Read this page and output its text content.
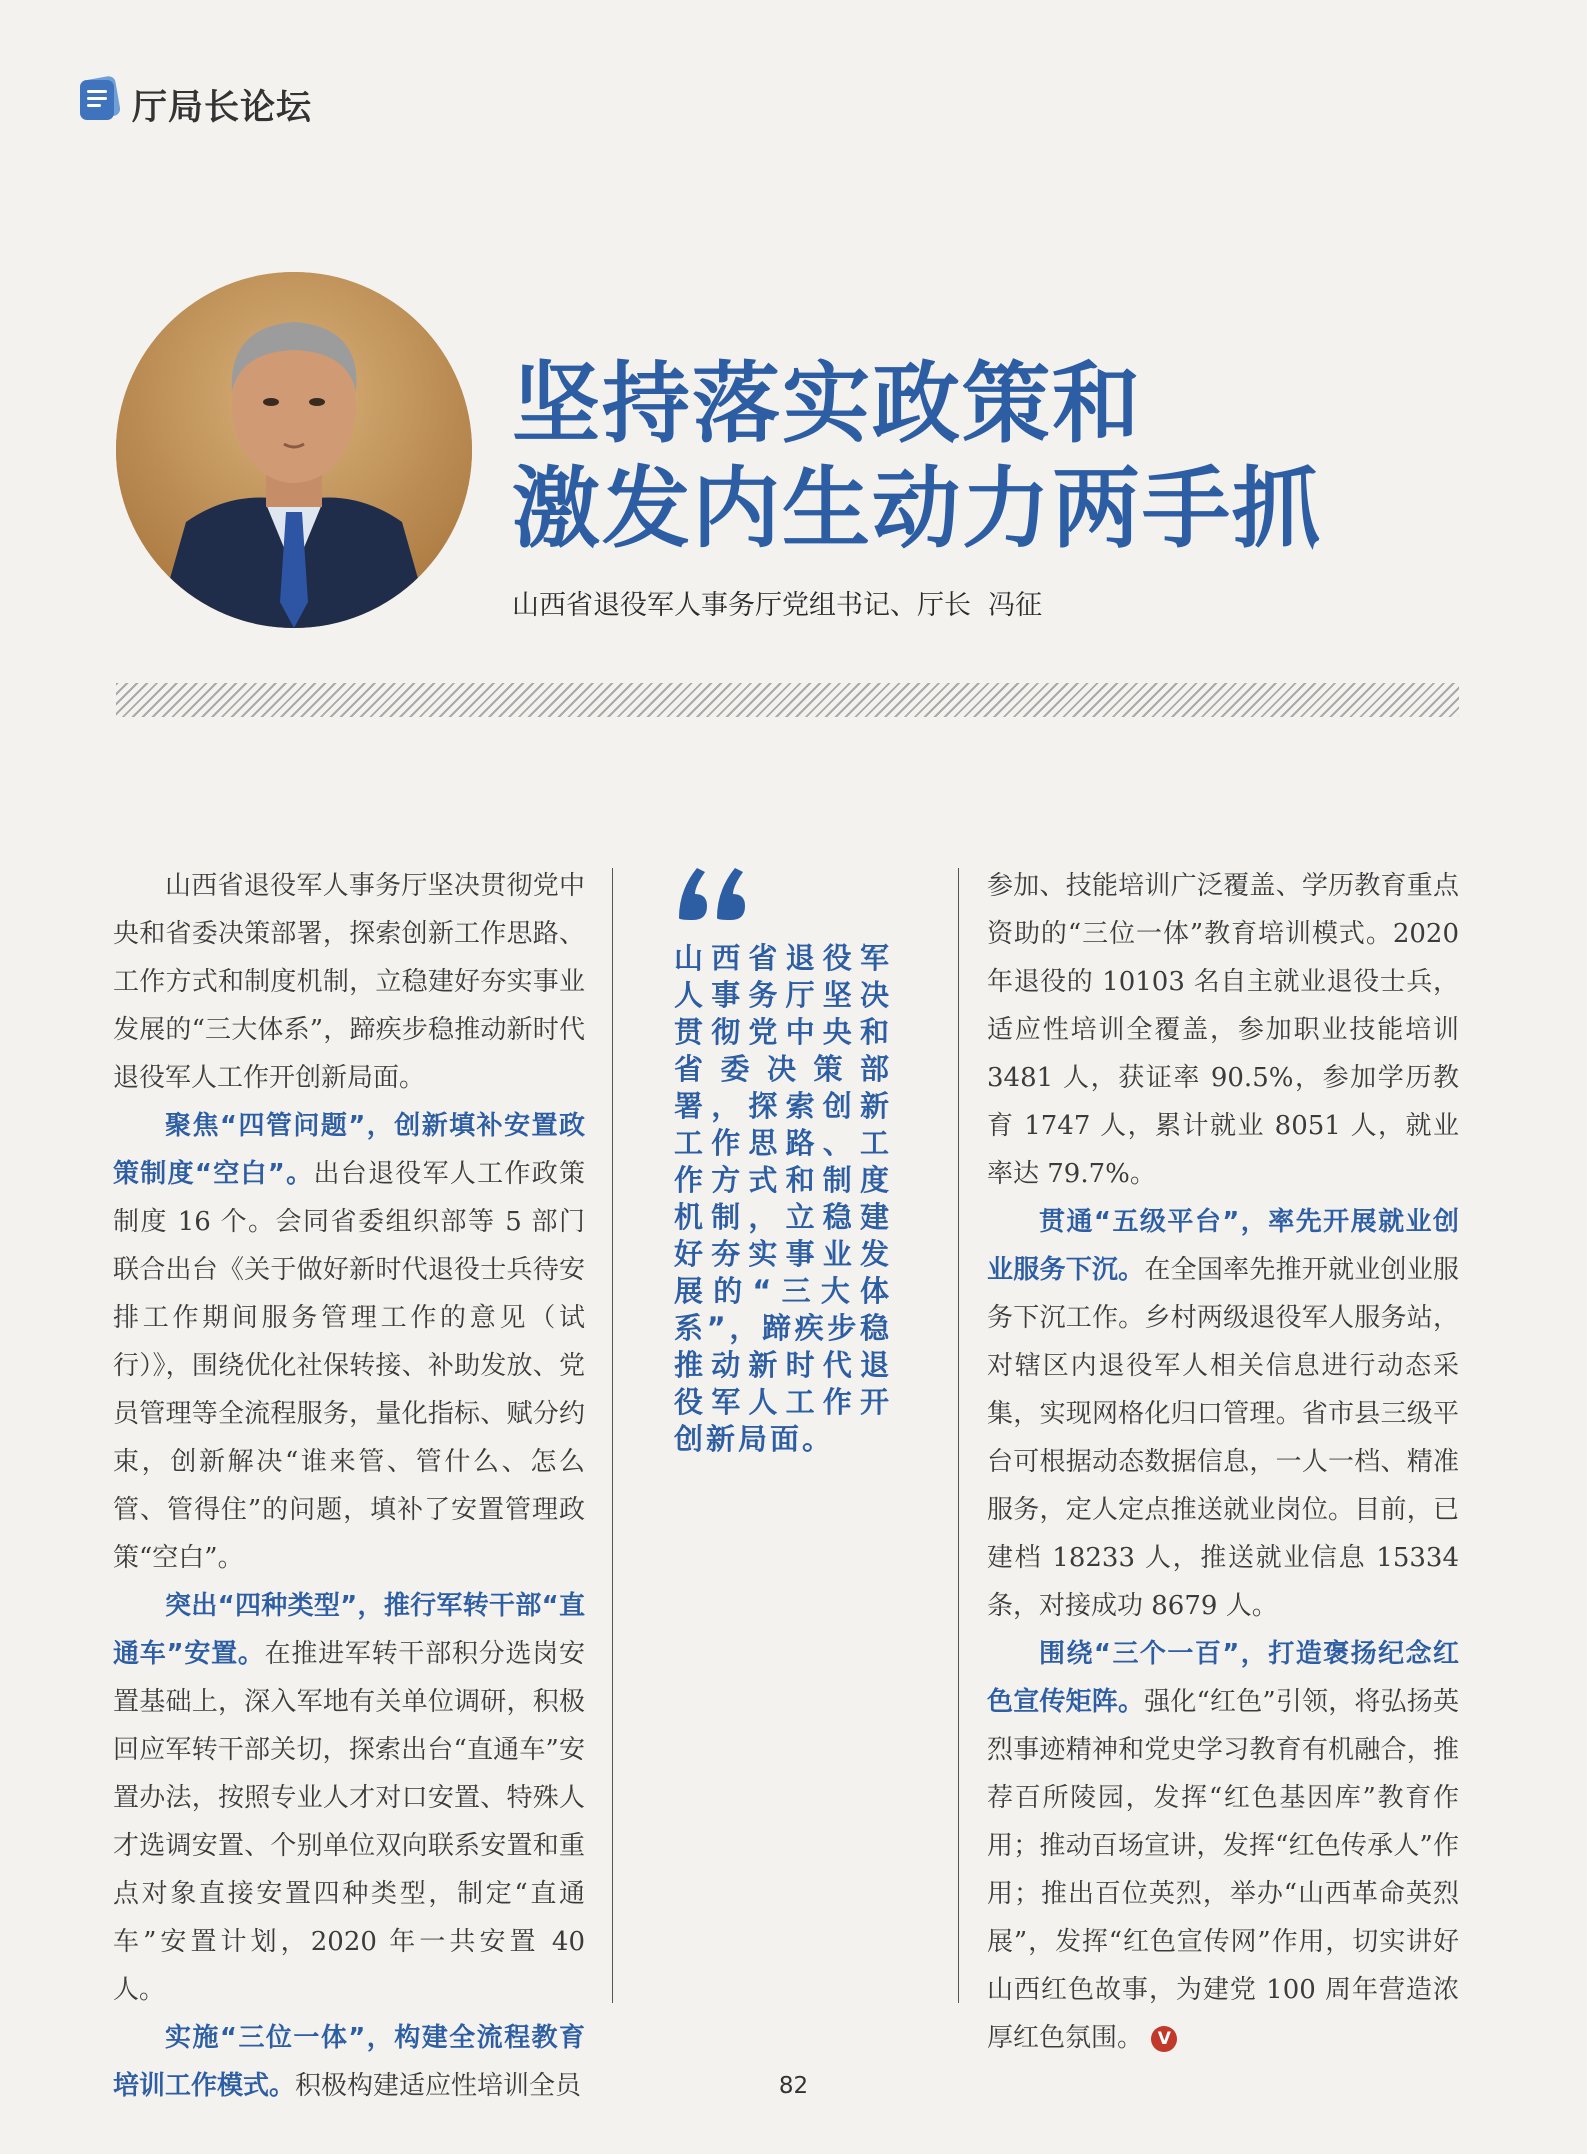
厅局长论坛
坚持落实政策和
激发内生动力两手抓
山西省退役军人事务厅党组书记、厅长  冯征

山西省退役军人事务厅坚决贯彻党中央和省委决策部署，探索创新工作思路、工作方式和制度机制，立稳建好夯实事业发展的“三大体系”，蹄疾步稳推动新时代退役军人工作开创新局面。

聚焦“四管问题”，创新填补安置政策制度“空白”。出台退役军人工作政策制度 16 个。会同省委组织部等 5 部门联合出台《关于做好新时代退役士兵待安排工作期间服务管理工作的意见（试行）》，围绕优化社保转接、补助发放、党员管理等全流程服务，量化指标、赋分约束，创新解决“谁来管、管什么、怎么管、管得住”的问题，填补了安置管理政策“空白”。

突出“四种类型”，推行军转干部“直通车”安置。在推进军转干部积分选岗安置基础上，深入军地有关单位调研，积极回应军转干部关切，探索出台“直通车”安置办法，按照专业人才对口安置、特殊人才选调安置、个别单位双向联系安置和重点对象直接安置四种类型，制定“直通车”安置计划，2020 年一共安置 40 人。

实施“三位一体”，构建全流程教育培训工作模式。积极构建适应性培训全员

山西省退役军人事务厅坚决贯彻党中央和省委决策部署，探索创新工作思路、工作方式和制度机制，立稳建好夯实事业发展的“三大体系”，蹄疾步稳推动新时代退役军人工作开创新局面。

参加、技能培训广泛覆盖、学历教育重点资助的“三位一体”教育培训模式。2020 年退役的 10103 名自主就业退役士兵，适应性培训全覆盖，参加职业技能培训 3481 人，获证率 90.5%，参加学历教育 1747 人，累计就业 8051 人，就业率达 79.7%。

贯通“五级平台”，率先开展就业创业服务下沉。在全国率先推开就业创业服务下沉工作。乡村两级退役军人服务站，对辖区内退役军人相关信息进行动态采集，实现网格化归口管理。省市县三级平台可根据动态数据信息，一人一档、精准服务，定人定点推送就业岗位。目前，已建档 18233 人，推送就业信息 15334 条，对接成功 8679 人。

围绕“三个一百”，打造褒扬纪念红色宣传矩阵。强化“红色”引领，将弘扬英烈事迹精神和党史学习教育有机融合，推荐百所陵园，发挥“红色基因库”教育作用；推动百场宣讲，发挥“红色传承人”作用；推出百位英烈，举办“山西革命英烈展”，发挥“红色宣传网”作用，切实讲好山西红色故事，为建党 100 周年营造浓厚红色氛围。 V

82
